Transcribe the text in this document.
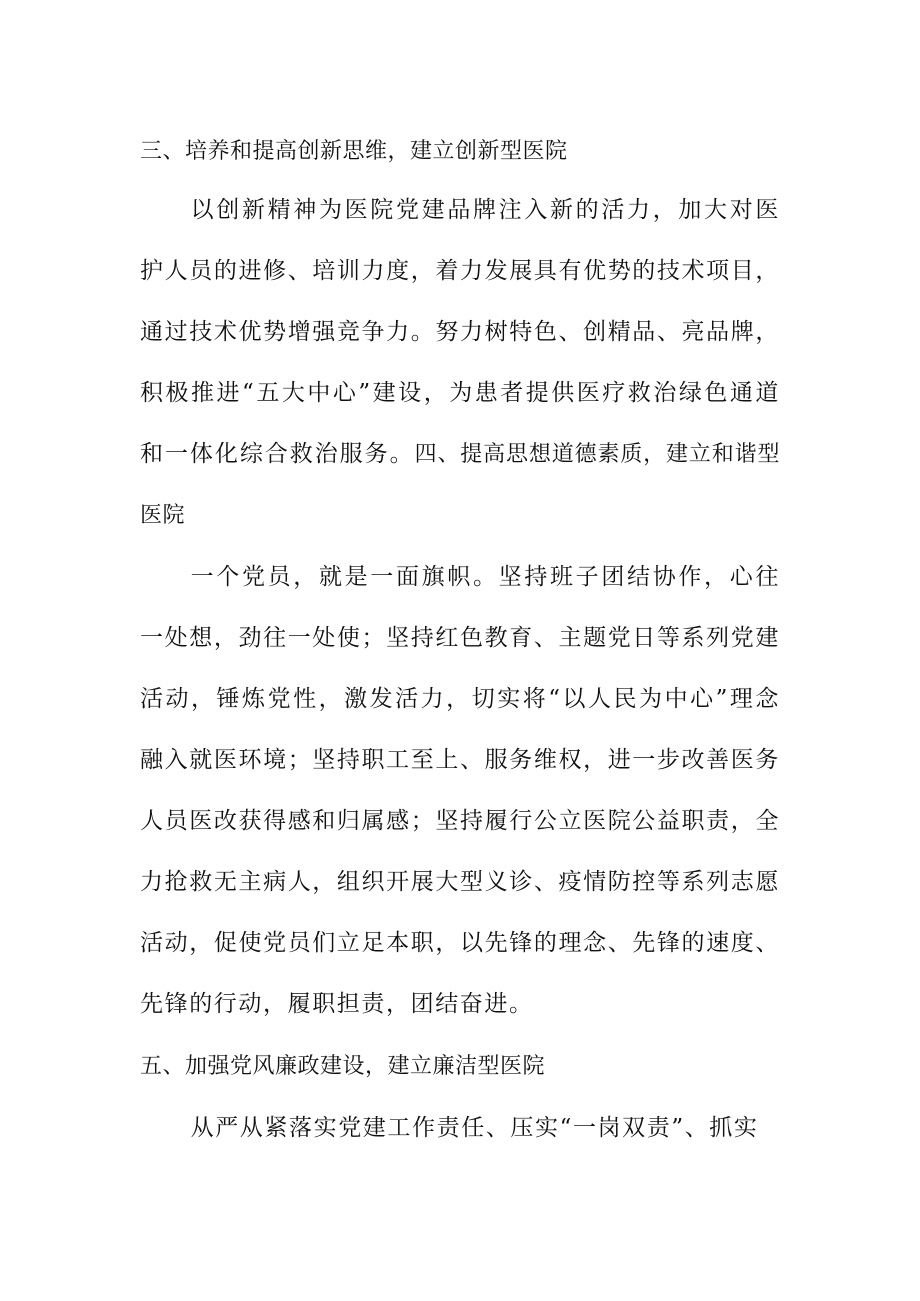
三、培养和提高创新思维，建立创新型医院
以创新精神为医院党建品牌注入新的活力，加大对医护人员的进修、培训力度，着力发展具有优势的技术项目，通过技术优势增强竞争力。努力树特色、创精品、亮品牌，积极推进“五大中心”建设，为患者提供医疗救治绿色通道和一体化综合救治服务。四、提高思想道德素质，建立和谐型医院
一个党员，就是一面旗帜。坚持班子团结协作，心往一处想，劲往一处使；坚持红色教育、主题党日等系列党建活动，锤炼党性，激发活力，切实将“以人民为中心”理念融入就医环境；坚持职工至上、服务维权，进一步改善医务人员医改获得感和归属感；坚持履行公立医院公益职责，全力抢救无主病人，组织开展大型义诊、疫情防控等系列志愿活动，促使党员们立足本职，以先锋的理念、先锋的速度、先锋的行动，履职担责，团结奋进。
五、加强党风廉政建设，建立廉洁型医院
从严从紧落实党建工作责任、压实“一岗双责”、抓实
